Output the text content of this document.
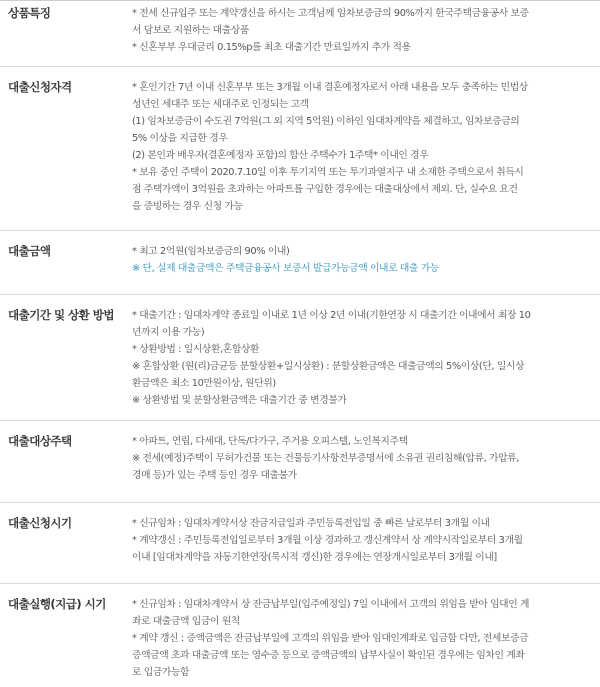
상품특징	* 전세 신규입주 또는 계약갱신을 하시는 고객님께 임차보증금의 90%까지 한국주택금융공사 보증
서 담보로 지원하는 대출상품
* 신혼부부 우대금리 0.15%p를 최초 대출기간 만료일까지 추가 적용
대출신청자격	* 혼인기간 7년 이내 신혼부부 또는 3개월 이내 결혼예정자로서 아래 내용을 모두 충족하는 민법상
성년인 세대주 또는 세대주로 인정되는 고객
(1) 임차보증금이 수도권 7억원(그 외 지역 5억원) 이하인 임대차계약을 체결하고, 임차보증금의
5% 이상을 지급한 경우
(2) 본인과 배우자(결혼예정자 포함)의 합산 주택수가 1주택* 이내인 경우
* 보유 중인 주택이 2020.7.10일 이후 투기지역 또는 투기과열지구 내 소재한 주택으로서 취득시
점 주택가액이 3억원을 초과하는 아파트를 구입한 경우에는 대출대상에서 제외. 단, 실수요 요건
을 증빙하는 경우 신청 가능
대출금액	* 최고 2억원(임차보증금의 90% 이내)
※ 단, 실제 대출금액은 주택금융공사 보증서 발급가능금액 이내로 대출 가능
대출기간 및 상환 방법	* 대출기간 : 임대차계약 종료일 이내로 1년 이상 2년 이내(기한연장 시 대출기간 이내에서 최장 10
년까지 이용 가능)
* 상환방법 : 일시상환,혼합상환
※ 혼합상환 (원(리)금균등 분할상환+일시상환) : 분할상환금액은 대출금액의 5%이상(단, 일시상
환금액은 최소 10만원이상, 원단위)
※ 상환방법 및 분할상환금액은 대출기간 중 변경불가
대출대상주택	* 아파트, 연립, 다세대, 단독/다가구, 주거용 오피스텔, 노인복지주택
※ 전세(예정)주택이 무허가건물 또는 건물등기사항전부증명서에 소유권 권리침해(압류, 가압류,
경매 등)가 있는 주택 등인 경우 대출불가
대출신청시기	* 신규임차 : 임대차계약서상 잔금지급일과 주민등록전입일 중 빠른 날로부터 3개월 이내
* 계약갱신 : 주민등록전입일로부터 3개월 이상 경과하고 갱신계약서 상 계약시작일로부터 3개월
이내 [임대차계약을 자동기한연장(묵시적 갱신)한 경우에는 연장개시일로부터 3개월 이내]
대출실행(지급) 시기	* 신규임차 : 임대차계약서 상 잔금납부일(입주예정일) 7일 이내에서 고객의 위임을 받아 임대인 계
좌로 대출금액 입금이 원칙
* 계약 갱신 : 증액금액은 잔금납부일에 고객의 위임을 받아 임대인계좌로 입금함 다만, 전세보증금
증액금액 초과 대출금액 또는 영수증 등으로 증액금액의 납부사실이 확인된 경우에는 임차인 계좌
로 입금가능함
